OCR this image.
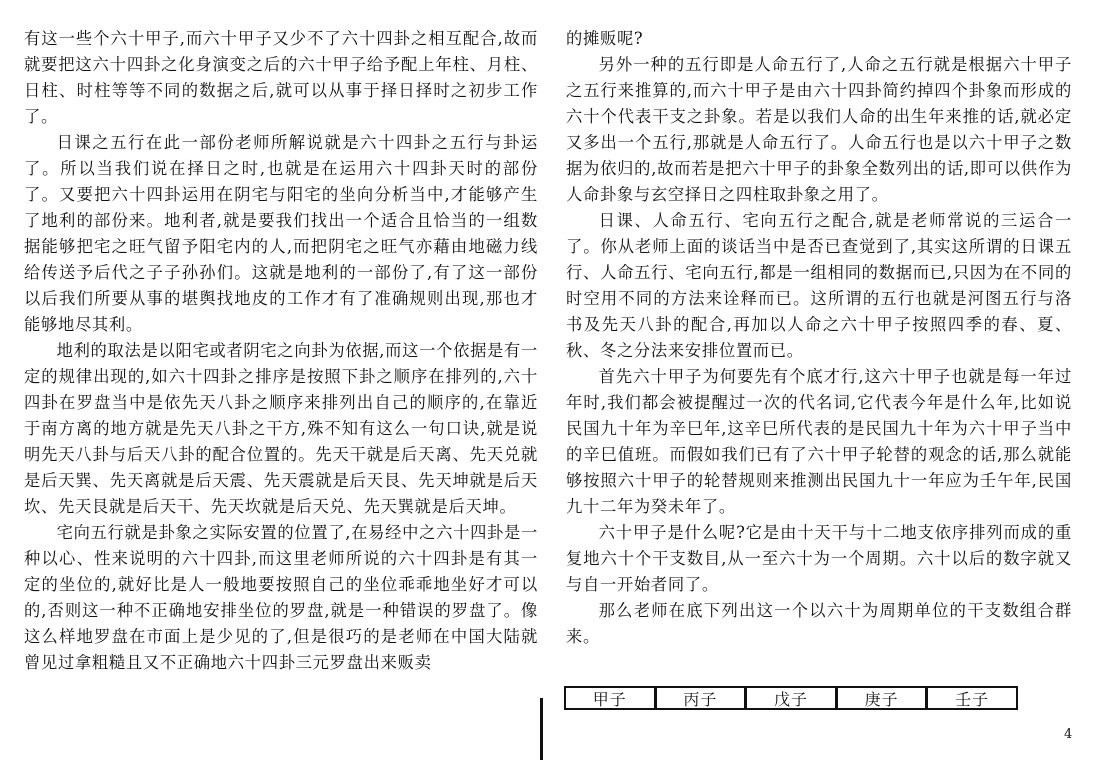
有这一些个六十甲子,而六十甲子又少不了六十四卦之相互配合,故而就要把这六十四卦之化身演变之后的六十甲子给予配上年柱、月柱、日柱、时柱等等不同的数据之后,就可以从事于择日择时之初步工作了。

日课之五行在此一部份老师所解说就是六十四卦之五行与卦运了。所以当我们说在择日之时,也就是在运用六十四卦天时的部份了。又要把六十四卦运用在阴宅与阳宅的坐向分析当中,才能够产生了地利的部份来。地利者,就是要我们找出一个适合且恰当的一组数据能够把宅之旺气留予阳宅内的人,而把阴宅之旺气亦藉由地磁力线给传送予后代之子子孙孙们。这就是地利的一部份了,有了这一部份以后我们所要从事的堪舆找地皮的工作才有了准确规则出现,那也才能够地尽其利。

地利的取法是以阳宅或者阴宅之向卦为依据,而这一个依据是有一定的规律出现的,如六十四卦之排序是按照下卦之顺序在排列的,六十四卦在罗盘当中是依先天八卦之顺序来排列出自己的顺序的,在靠近于南方离的地方就是先天八卦之干方,殊不知有这么一句口诀,就是说明先天八卦与后天八卦的配合位置的。先天干就是后天离、先天兑就是后天巽、先天离就是后天震、先天震就是后天艮、先天坤就是后天坎、先天艮就是后天干、先天坎就是后天兑、先天巽就是后天坤。

宅向五行就是卦象之实际安置的位置了,在易经中之六十四卦是一种以心、性来说明的六十四卦,而这里老师所说的六十四卦是有其一定的坐位的,就好比是人一般地要按照自己的坐位乖乖地坐好才可以的,否则这一种不正确地安排坐位的罗盘,就是一种错误的罗盘了。像这么样地罗盘在市面上是少见的了,但是很巧的是老师在中国大陆就曾见过拿粗糙且又不正确地六十四卦三元罗盘出来贩卖

的摊贩呢?

另外一种的五行即是人命五行了,人命之五行就是根据六十甲子之五行来推算的,而六十甲子是由六十四卦简约掉四个卦象而形成的六十个代表干支之卦象。若是以我们人命的出生年来推的话,就必定又多出一个五行,那就是人命五行了。人命五行也是以六十甲子之数据为依归的,故而若是把六十甲子的卦象全数列出的话,即可以供作为人命卦象与玄空择日之四柱取卦象之用了。

日课、人命五行、宅向五行之配合,就是老师常说的三运合一了。你从老师上面的谈话当中是否已查觉到了,其实这所谓的日课五行、人命五行、宅向五行,都是一组相同的数据而已,只因为在不同的时空用不同的方法来诠释而已。这所谓的五行也就是河图五行与洛书及先天八卦的配合,再加以人命之六十甲子按照四季的春、夏、秋、冬之分法来安排位置而已。

首先六十甲子为何要先有个底才行,这六十甲子也就是每一年过年时,我们都会被提醒过一次的代名词,它代表今年是什么年,比如说民国九十年为辛巳年,这辛巳所代表的是民国九十年为六十甲子当中的辛巳值班。而假如我们已有了六十甲子轮替的观念的话,那么就能够按照六十甲子的轮替规则来推测出民国九十一年应为壬午年,民国九十二年为癸未年了。

六十甲子是什么呢?它是由十天干与十二地支依序排列而成的重复地六十个干支数目,从一至六十为一个周期。六十以后的数字就又与自一开始者同了。

那么老师在底下列出这一个以六十为周期单位的干支数组合群来。

甲子	丙子	戊子	庚子	壬子
4
